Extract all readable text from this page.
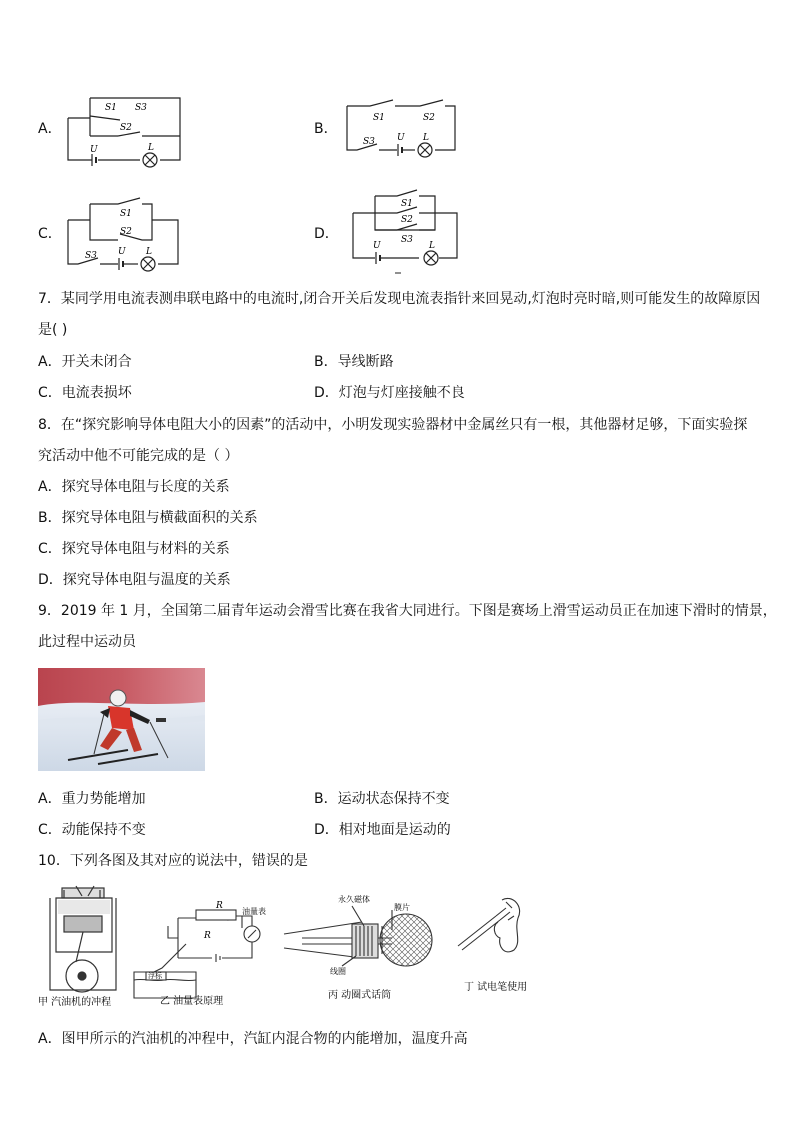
A．
S1 S3
S2
U	L
B．
S1	S2
S3 U L
C．
S1
S2
S3 U L
D．
S1
S2
S3
U	L
7．某同学用电流表测串联电路中的电流时,闭合开关后发现电流表指针来回晃动,灯泡时亮时暗,则可能发生的故障原因
是( )
A．开关未闭合	B．导线断路
C．电流表损坏	D．灯泡与灯座接触不良
8．在“探究影响导体电阻大小的因素”的活动中，小明发现实验器材中金属丝只有一根，其他器材足够，下面实验探
究活动中他不可能完成的是（ ）
A．探究导体电阻与长度的关系
B．探究导体电阻与横截面积的关系
C．探究导体电阻与材料的关系
D．探究导体电阻与温度的关系
9．2019 年 1 月，全国第二届青年运动会滑雪比赛在我省大同进行。下图是赛场上滑雪运动员正在加速下滑时的情景，
此过程中运动员
A．重力势能增加	B．运动状态保持不变
C．动能保持不变	D．相对地面是运动的
10．下列各图及其对应的说法中，错误的是
甲 汽油机的冲程
R
R
油量表
浮标
乙 油量表原理
永久磁体
膜片
线圈
丙 动圈式话筒
丁 试电笔使用
A．图甲所示的汽油机的冲程中，汽缸内混合物的内能增加，温度升高
